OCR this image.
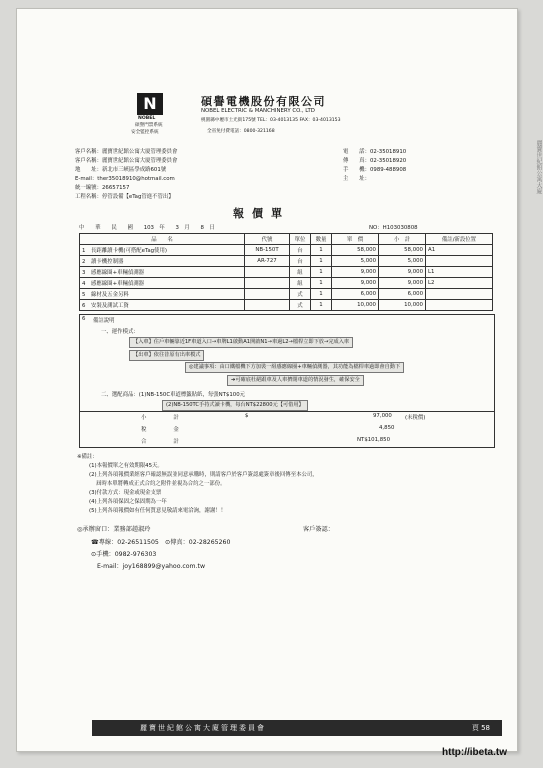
N
NOBEL
碩譽門禁系統
安全監控系統
碩譽電機股份有限公司
NOBEL ELECTRIC & MANCHINERY CO., LTD
桃園縣中壢市土光街175號 TEL：03-4013135 FAX：03-4013153
全省免付費電話：0800-321168
客戶名稱：麗寶世紀館公寓大廈管理委員會
客戶名稱：麗寶世紀館公寓大廈管理委員會
地　　址：新北市三峽區學成路601號
E-mail：ther35018910@hotmail.com
統一編號：26657157
工程名稱：停管設備【eTag管進不管出】
電　　話：02-35018910
傳　　真：02-35018920
手　　機：0989-488908
主　　址：
報價單
中　　華　　民　　國　　103　年　　3　月　　8　日	NO：H103030808
品　　名	代號	單位	數量	單　價	小　計	備註/新設位置
1 長距離讀卡機(可搭配eTag使用)	NB-150T	台	1	58,000	58,000	A1
2 讀卡機控制器	AR-727	台	1	5,000	5,000	
3 感應線圈+車輛偵測器		組	1	9,000	9,000	L1
4 感應線圈+車輛偵測器		組	1	9,000	9,000	L2
5 線材及五金另料		式	1	6,000	6,000	
6 安裝及測試工資		式	1	10,000	10,000	
6 備註說明
一、運作模式：
【入車】住戶車輛靠近1F車道入口→車牌L1啟動A1開啟N1→車過L2→檔桿立即下放→完成入車
【出車】依往昔原有出車模式
◎建議事項：由口鐵檔機下方加裝一組感應線圈+車輛偵測器，其功能為檔桿車過即會自動下
➔可確底杜絕跟車及人車擠閉車道的情況發生，確保安全
二、選配商品：(1)NB-150C車道標籤貼紙，每張NT$100元
(2)NB-150TC手持式讀卡機，每台NT$22800元【可借用】
小　　　　　計	$	97,000 (未稅價)
稅　　　　　金	4,850
合　　　　　計	NT$101,850
※備註：
(1)本報價單之有效期限45天。
(2)上列各項報價業經客戶確認無誤並同意承購時，則請客戶於客戶簽認處簽章後回傳至本公司，
　 屆時本單將轉成正式合約之附件並視為合約之一部份。
(3)付款方式：現金或現金支票
(4)上列各項保固之保固期為一年
(5)上列各項報價如有任何質意見敬請來電洽詢，謝謝！！
◎承辦窗口：業務部趙淑玲
☎專線：02-26511505　⊙傳真：02-28265260
⊙手機：0982-976303
E-mail：joy168899@yahoo.com.tw
客戶簽認：
麗寶世紀館公寓大廈管理委員會	頁 58
麗寶世紀館公寓大廈
http://ibeta.tw
